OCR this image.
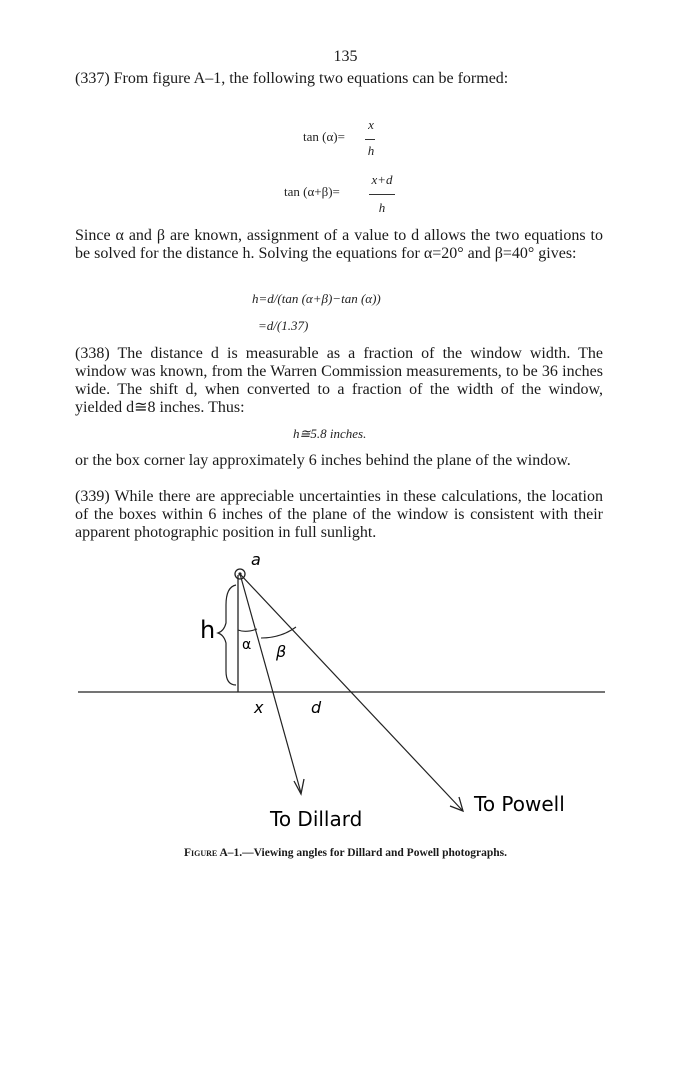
135

(337) From figure A–1, the following two equations can be formed:

tan (α)=
x
h
tan (α+β)=
x+d
h

Since α and β are known, assignment of a value to d allows the two equations to be solved for the distance h. Solving the equations for α=20° and β=40° gives:

h=d/(tan (α+β)−tan (α))
=d/(1.37)

(338) The distance d is measurable as a fraction of the window width. The window was known, from the Warren Commission measurements, to be 36 inches wide. The shift d, when converted to a fraction of the width of the window, yielded d≅8 inches. Thus:

h≅5.8 inches.

or the box corner lay approximately 6 inches behind the plane of the window.

(339) While there are appreciable uncertainties in these calculations, the location of the boxes within 6 inches of the plane of the window is consistent with their apparent photographic position in full sunlight.

a
h
α β
x	d
To Dillard
To Powell
Figure A–1.—Viewing angles for Dillard and Powell photographs.
